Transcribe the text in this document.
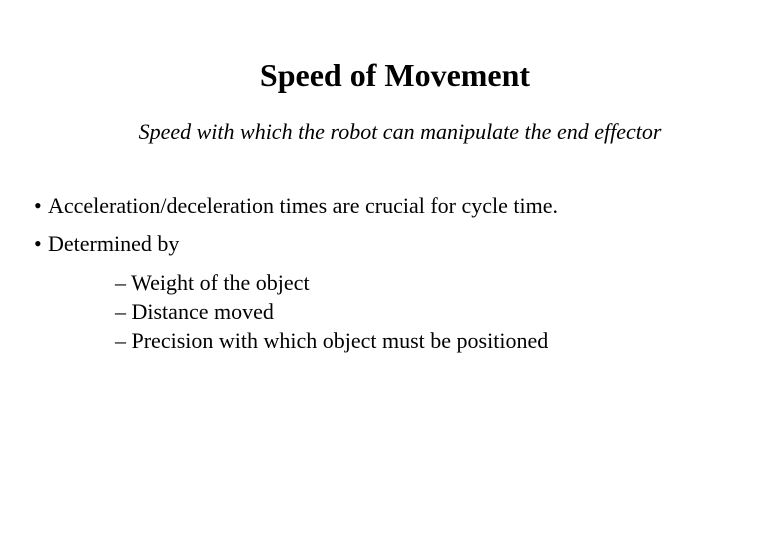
Speed of Movement
Speed with which the robot can manipulate the end effector
• Acceleration/deceleration times are crucial for cycle time.
• Determined by
– Weight of the object
– Distance moved
– Precision with which object must be positioned
